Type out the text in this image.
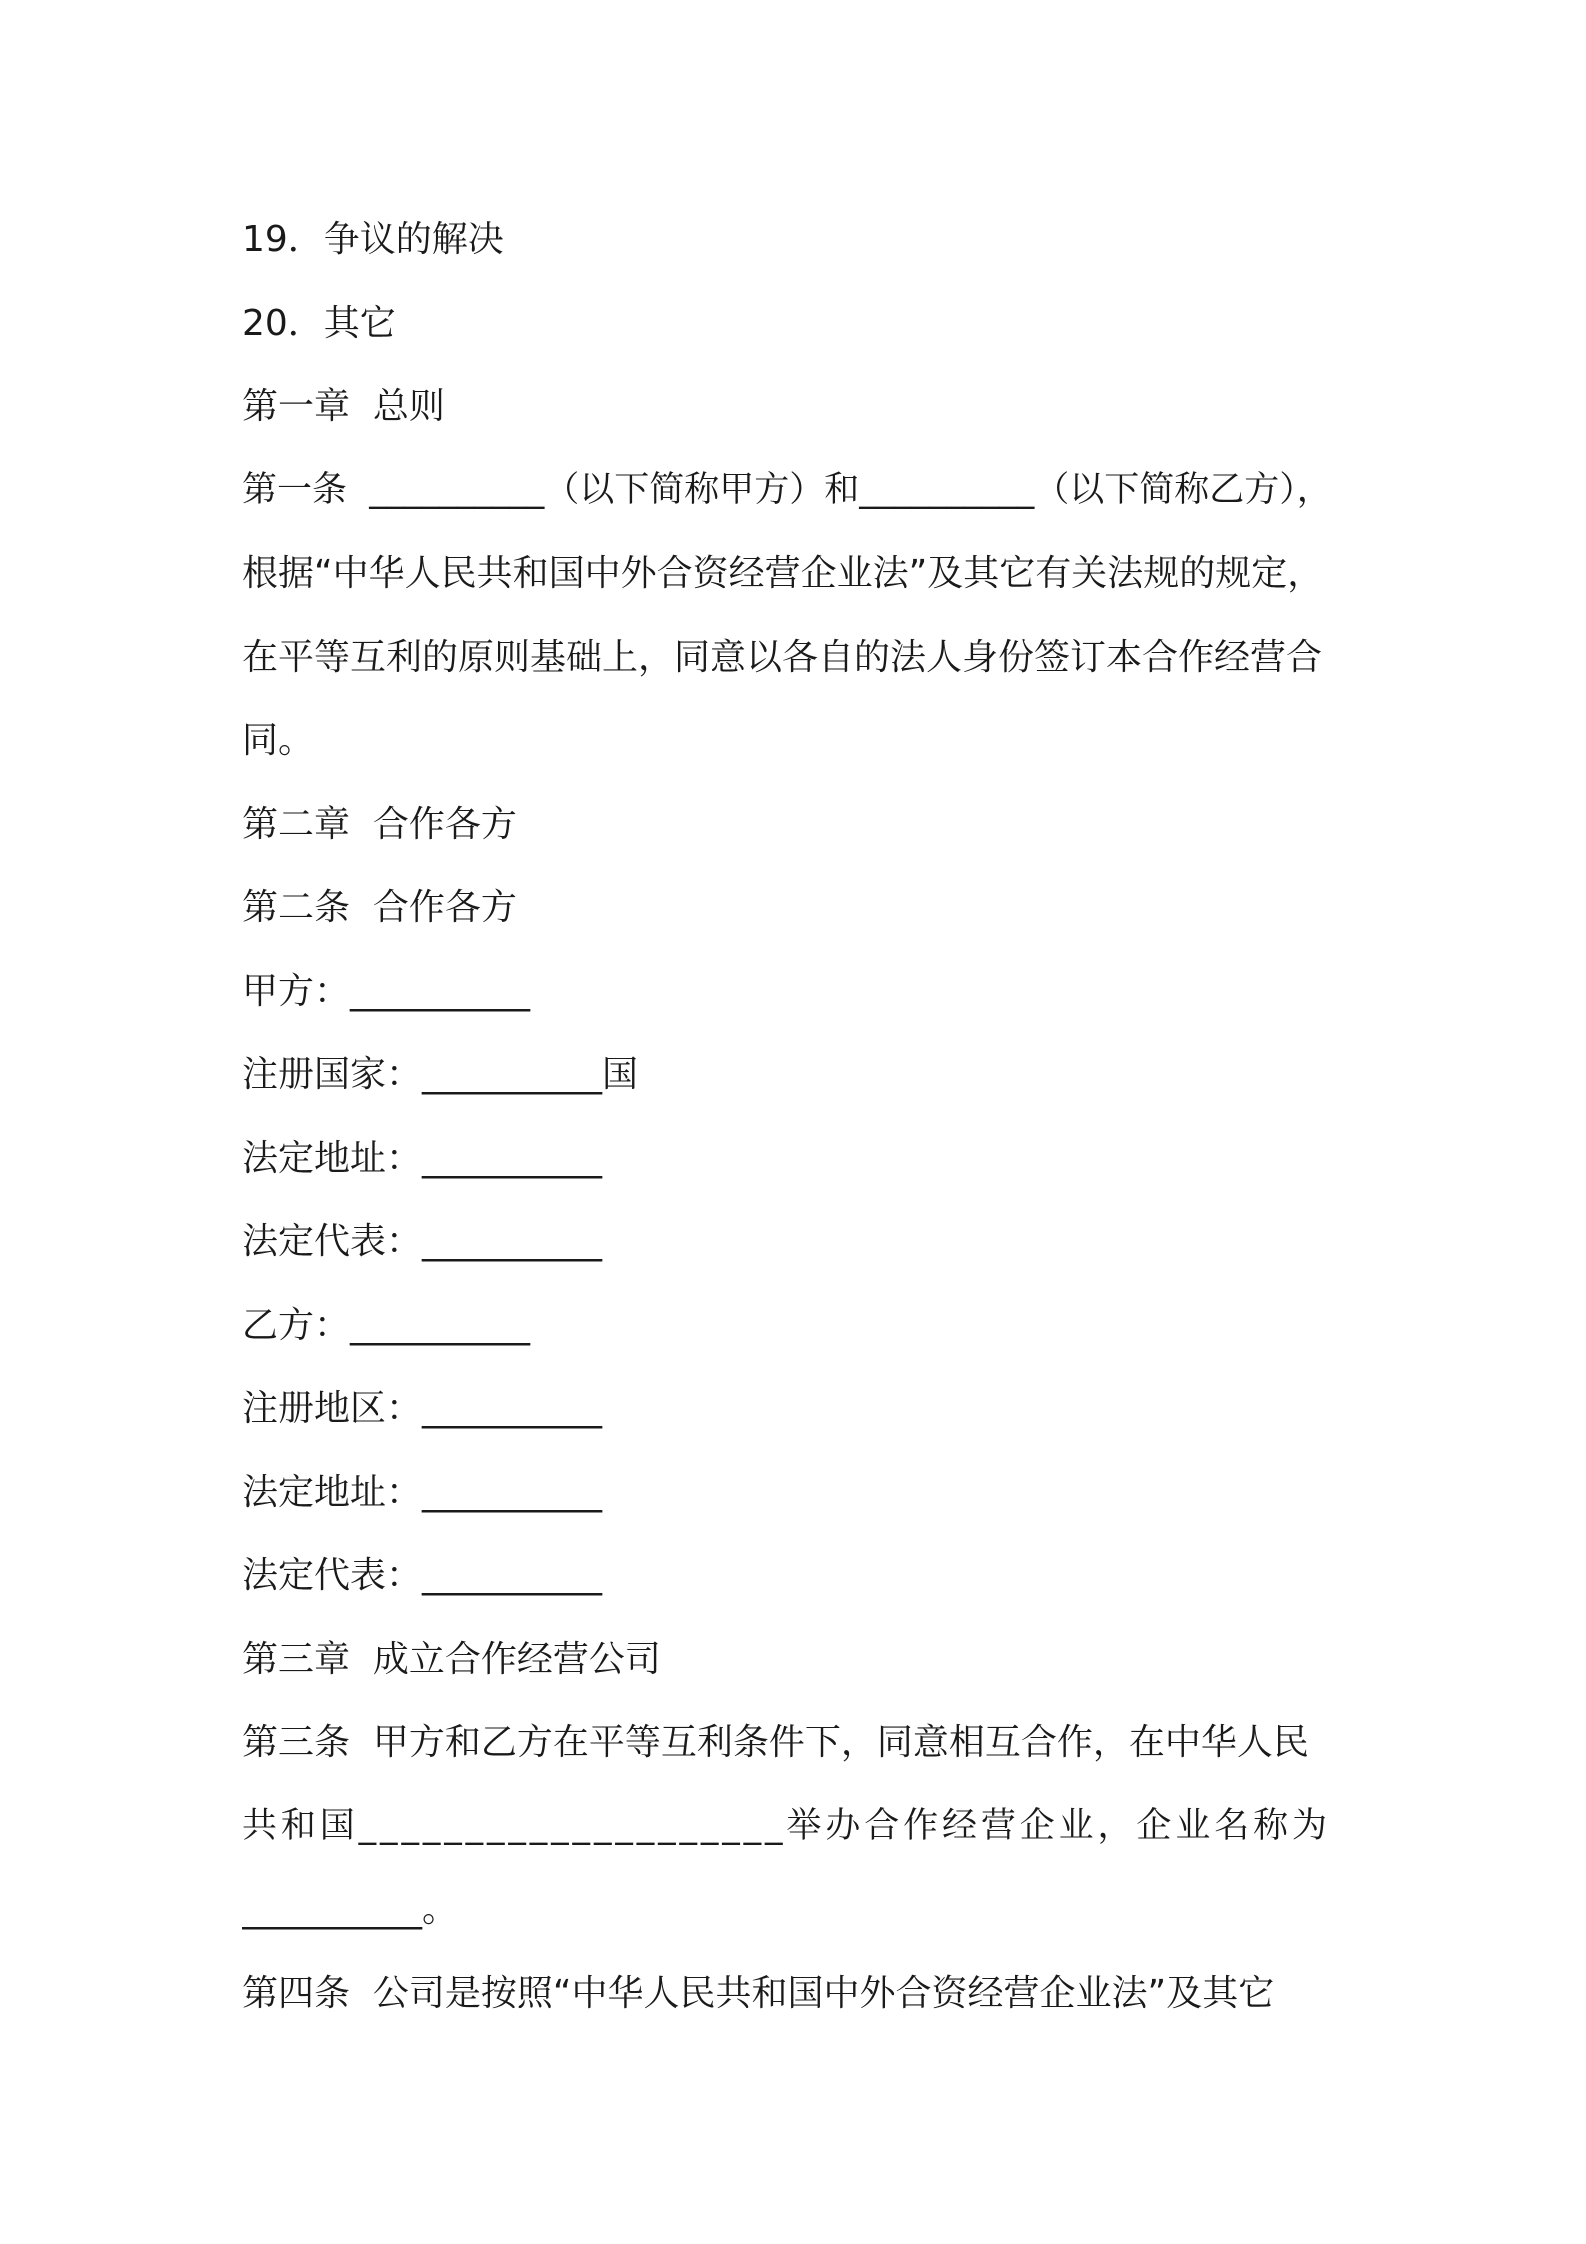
19．争议的解决
20．其它
第一章  总则
第一条  __________（以下简称甲方）和__________（以下简称乙方），
根据“中华人民共和国中外合资经营企业法”及其它有关法规的规定，
在平等互利的原则基础上，同意以各自的法人身份签订本合作经营合
同。
第二章  合作各方
第二条  合作各方
甲方：__________
注册国家：__________国
法定地址：__________
法定代表：__________
乙方：__________
注册地区：__________
法定地址：__________
法定代表：__________
第三章  成立合作经营公司
第三条  甲方和乙方在平等互利条件下，同意相互合作，在中华人民
共和国____________________举办合作经营企业，企业名称为
__________。
第四条  公司是按照“中华人民共和国中外合资经营企业法”及其它
